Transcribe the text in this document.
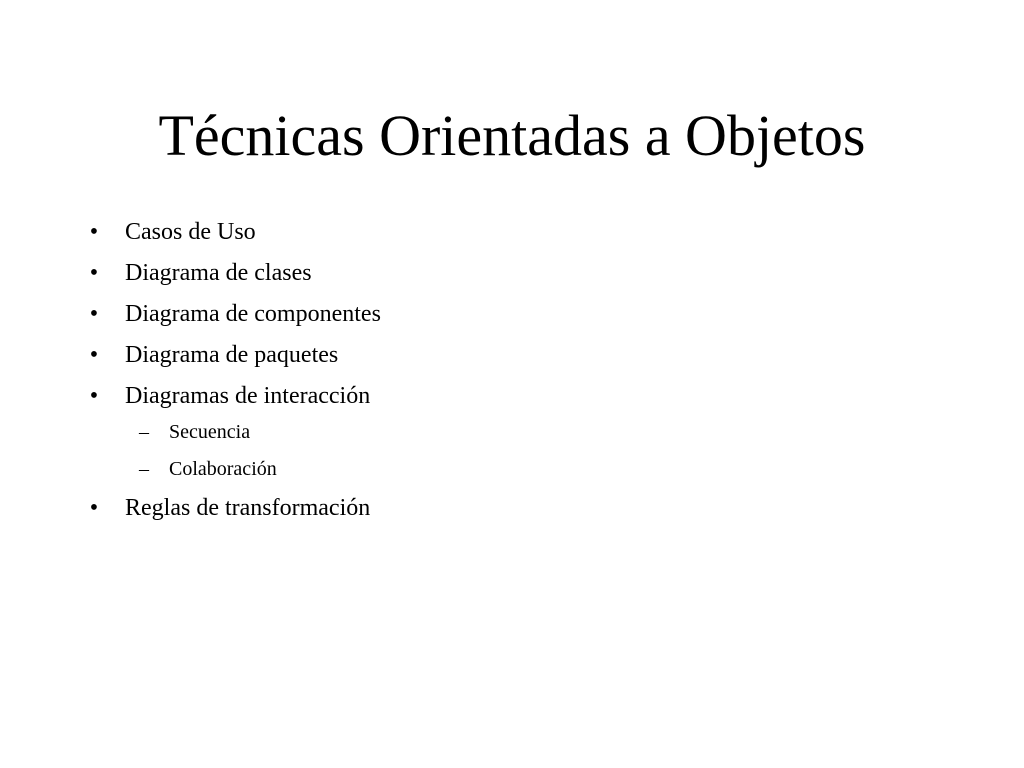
Técnicas Orientadas a Objetos
• Casos de Uso
• Diagrama de clases
• Diagrama de componentes
• Diagrama de paquetes
• Diagramas de interacción
– Secuencia
– Colaboración
• Reglas de transformación
